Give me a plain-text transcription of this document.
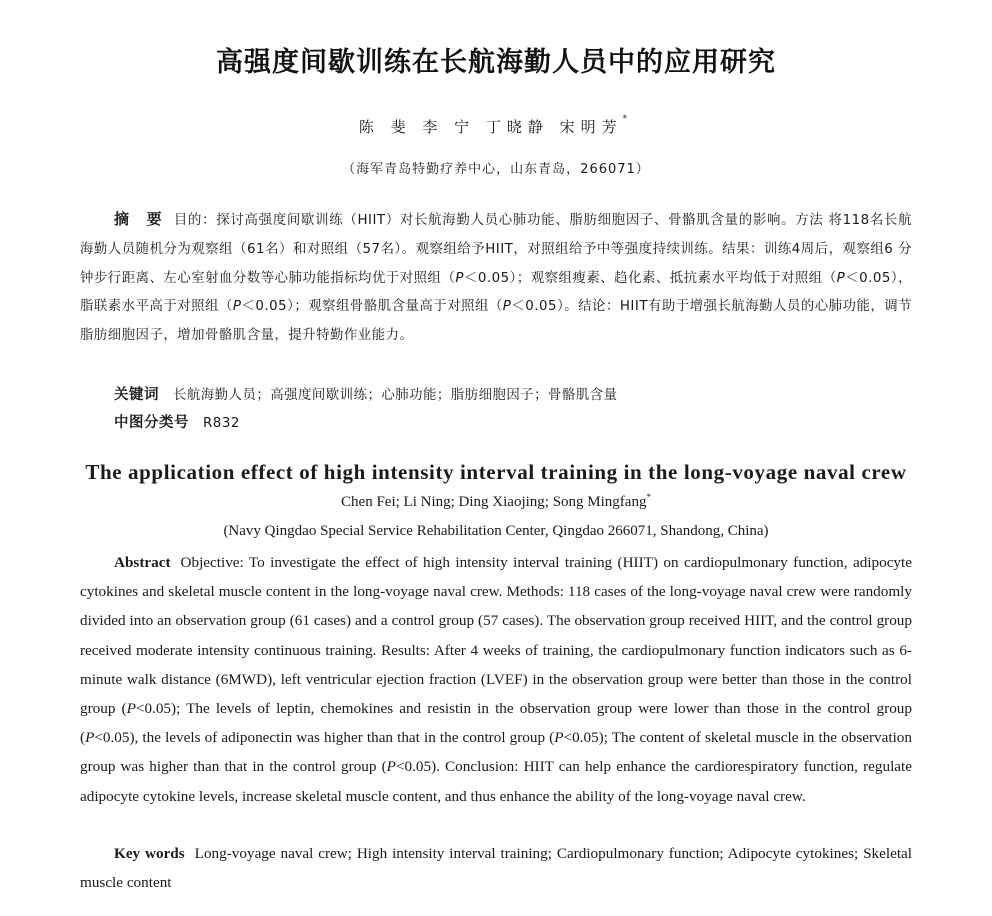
高强度间歇训练在长航海勤人员中的应用研究
陈 斐 李 宁 丁晓静 宋明芳*
（海军青岛特勤疗养中心，山东青岛，266071）
摘 要 目的：探讨高强度间歇训练（HIIT）对长航海勤人员心肺功能、脂肪细胞因子、骨骼肌含量的影响。方法 将118名长航海勤人员随机分为观察组（61名）和对照组（57名）。观察组给予HIIT，对照组给予中等强度持续训练。结果：训练4周后，观察组6 分钟步行距离、左心室射血分数等心肺功能指标均优于对照组（P＜0.05）；观察组瘦素、趋化素、抵抗素水平均低于对照组（P＜0.05），脂联素水平高于对照组（P＜0.05）；观察组骨骼肌含量高于对照组（P＜0.05）。结论：HIIT有助于增强长航海勤人员的心肺功能，调节脂肪细胞因子，增加骨骼肌含量，提升特勤作业能力。
关键词 长航海勤人员；高强度间歇训练；心肺功能；脂肪细胞因子；骨骼肌含量
中图分类号 R832
The application effect of high intensity interval training in the long-voyage naval crew
Chen Fei; Li Ning; Ding Xiaojing; Song Mingfang*
(Navy Qingdao Special Service Rehabilitation Center, Qingdao 266071, Shandong, China)
Abstract Objective: To investigate the effect of high intensity interval training (HIIT) on cardiopulmonary function, adipocyte cytokines and skeletal muscle content in the long-voyage naval crew. Methods: 118 cases of the long-voyage naval crew were randomly divided into an observation group (61 cases) and a control group (57 cases). The observation group received HIIT, and the control group received moderate intensity continuous training. Results: After 4 weeks of training, the cardiopulmonary function indicators such as 6-minute walk distance (6MWD), left ventricular ejection fraction (LVEF) in the observation group were better than those in the control group (P<0.05); The levels of leptin, chemokines and resistin in the observation group were lower than those in the control group (P<0.05), the levels of adiponectin was higher than that in the control group (P<0.05); The content of skeletal muscle in the observation group was higher than that in the control group (P<0.05). Conclusion: HIIT can help enhance the cardiorespiratory function, regulate adipocyte cytokine levels, increase skeletal muscle content, and thus enhance the ability of the long-voyage naval crew.
Key words Long-voyage naval crew; High intensity interval training; Cardiopulmonary function; Adipocyte cytokines; Skeletal muscle content
